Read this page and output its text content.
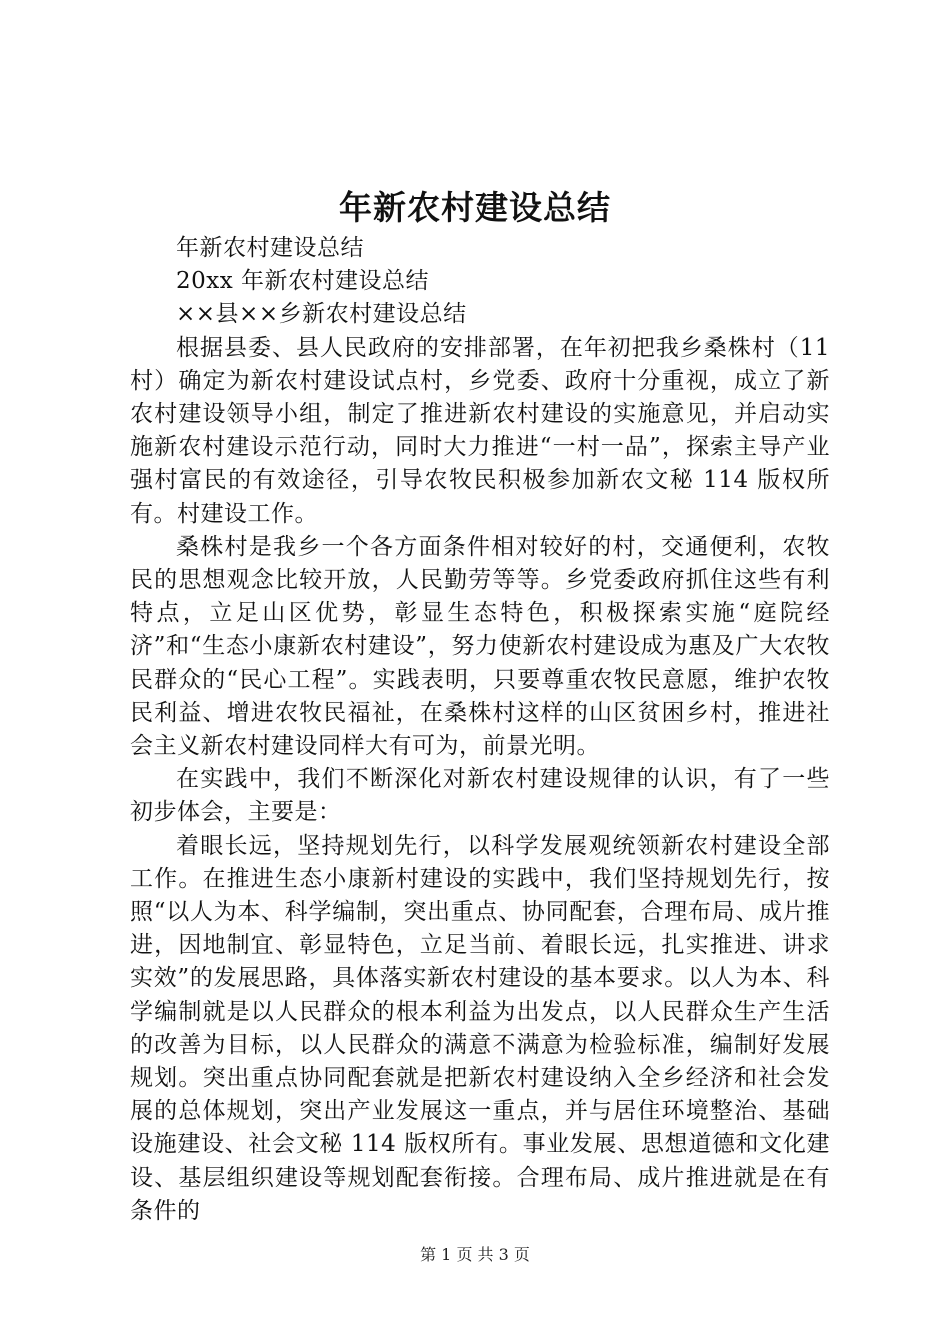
年新农村建设总结

年新农村建设总结

20xx 年新农村建设总结

××县××乡新农村建设总结

根据县委、县人民政府的安排部署，在年初把我乡桑株村（11 村）确定为新农村建设试点村，乡党委、政府十分重视，成立了新农村建设领导小组，制定了推进新农村建设的实施意见，并启动实施新农村建设示范行动，同时大力推进“一村一品”，探索主导产业强村富民的有效途径，引导农牧民积极参加新农文秘 114 版权所有。村建设工作。

桑株村是我乡一个各方面条件相对较好的村，交通便利，农牧民的思想观念比较开放，人民勤劳等等。乡党委政府抓住这些有利特点，立足山区优势，彰显生态特色，积极探索实施“庭院经济”和“生态小康新农村建设”，努力使新农村建设成为惠及广大农牧民群众的“民心工程”。实践表明，只要尊重农牧民意愿，维护农牧民利益、增进农牧民福祉，在桑株村这样的山区贫困乡村，推进社会主义新农村建设同样大有可为，前景光明。

在实践中，我们不断深化对新农村建设规律的认识，有了一些初步体会，主要是：

着眼长远，坚持规划先行，以科学发展观统领新农村建设全部工作。在推进生态小康新村建设的实践中，我们坚持规划先行，按照“以人为本、科学编制，突出重点、协同配套，合理布局、成片推进，因地制宜、彰显特色，立足当前、着眼长远，扎实推进、讲求实效”的发展思路，具体落实新农村建设的基本要求。以人为本、科学编制就是以人民群众的根本利益为出发点，以人民群众生产生活的改善为目标，以人民群众的满意不满意为检验标准，编制好发展规划。突出重点协同配套就是把新农村建设纳入全乡经济和社会发展的总体规划，突出产业发展这一重点，并与居住环境整治、基础设施建设、社会文秘 114 版权所有。事业发展、思想道德和文化建设、基层组织建设等规划配套衔接。合理布局、成片推进就是在有条件的

第 1 页 共 3 页
